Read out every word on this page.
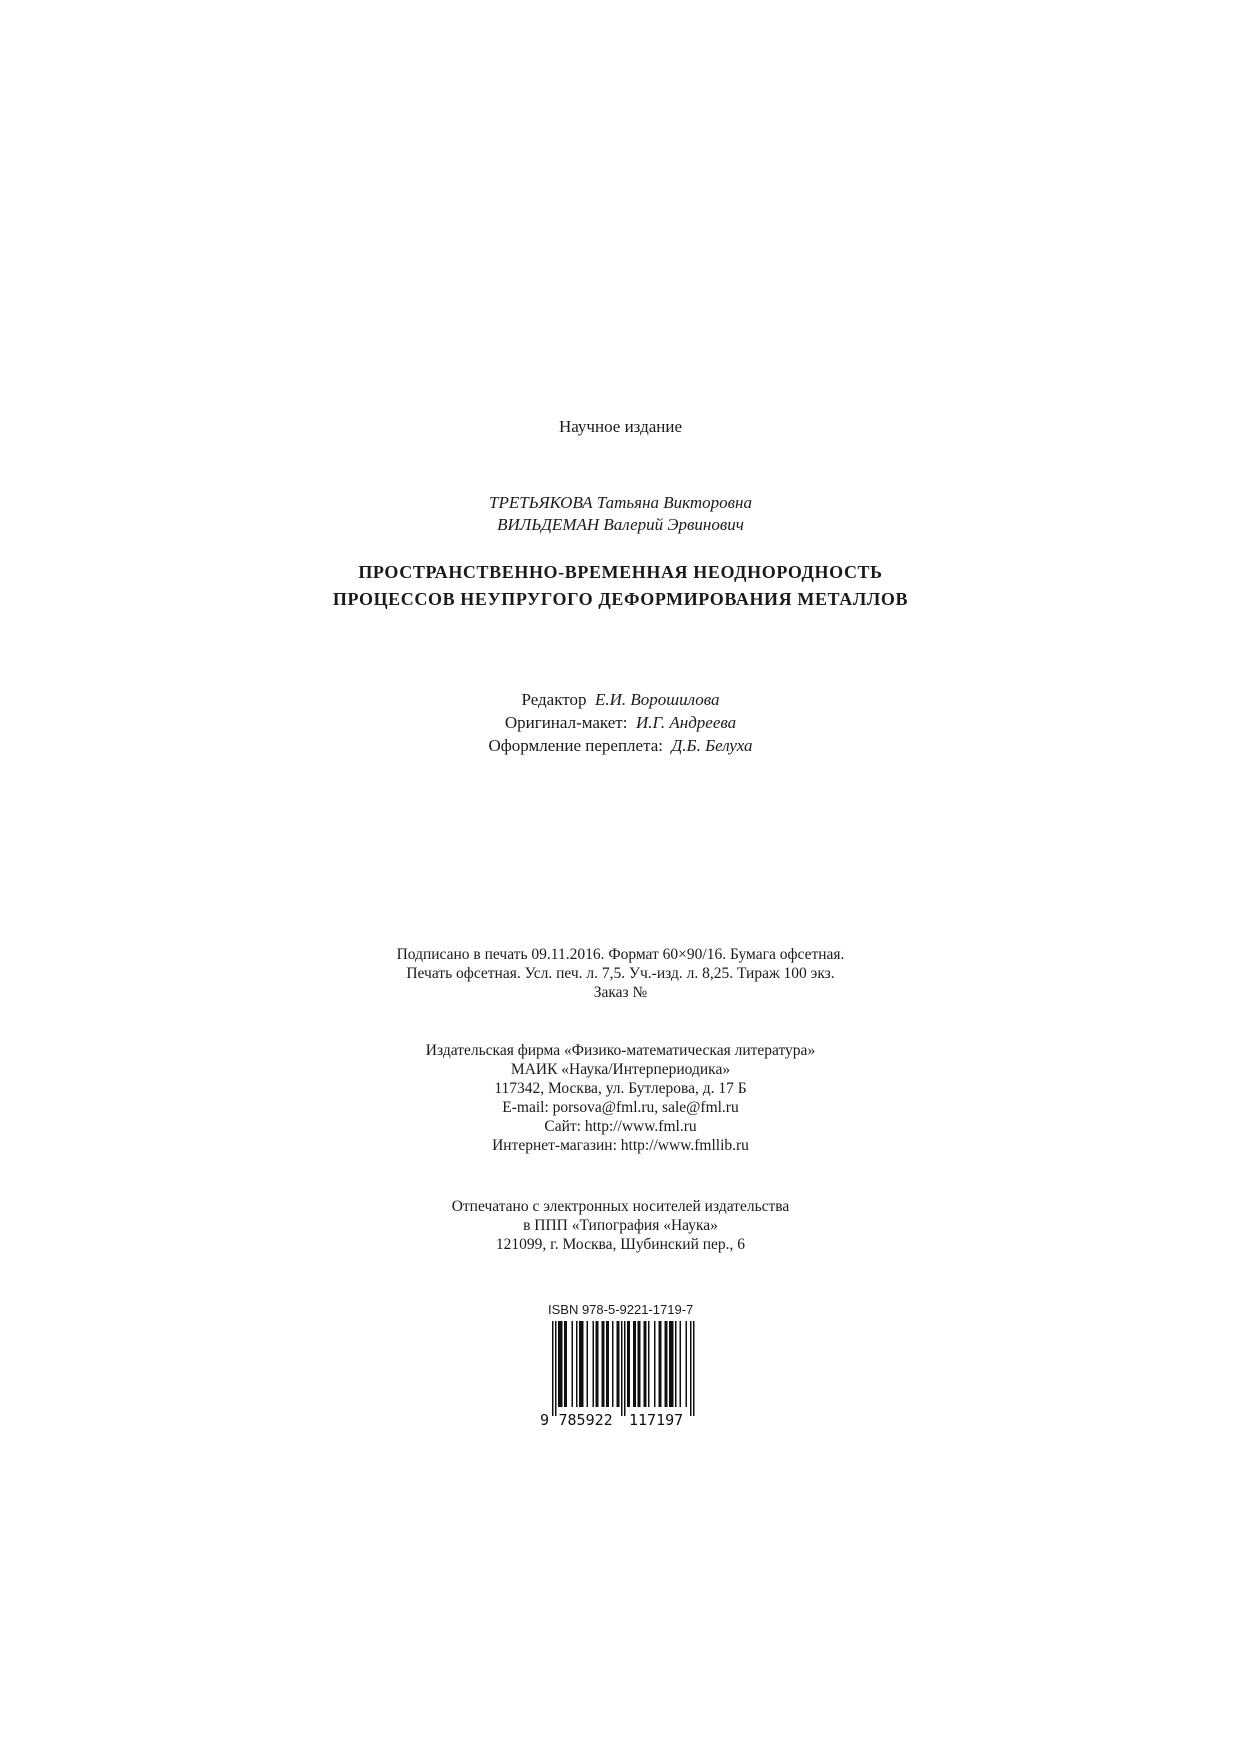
Научное издание
ТРЕТЬЯКОВА Татьяна Викторовна
ВИЛЬДЕМАН Валерий Эрвинович
ПРОСТРАНСТВЕННО-ВРЕМЕННАЯ НЕОДНОРОДНОСТЬ
ПРОЦЕССОВ НЕУПРУГОГО ДЕФОРМИРОВАНИЯ МЕТАЛЛОВ
Редактор Е.И. Ворошилова
Оригинал-макет: И.Г. Андреева
Оформление переплета: Д.Б. Белуха
Подписано в печать 09.11.2016. Формат 60×90/16. Бумага офсетная.
Печать офсетная. Усл. печ. л. 7,5. Уч.-изд. л. 8,25. Тираж 100 экз.
Заказ №
Издательская фирма «Физико-математическая литература»
МАИК «Наука/Интерпериодика»
117342, Москва, ул. Бутлерова, д. 17 Б
E-mail: porsova@fml.ru, sale@fml.ru
Сайт: http://www.fml.ru
Интернет-магазин: http://www.fmllib.ru
Отпечатано с электронных носителей издательства
в ППП «Типография «Наука»
121099, г. Москва, Шубинский пер., 6
ISBN 978-5-9221-1719-7
9 785922 117197
